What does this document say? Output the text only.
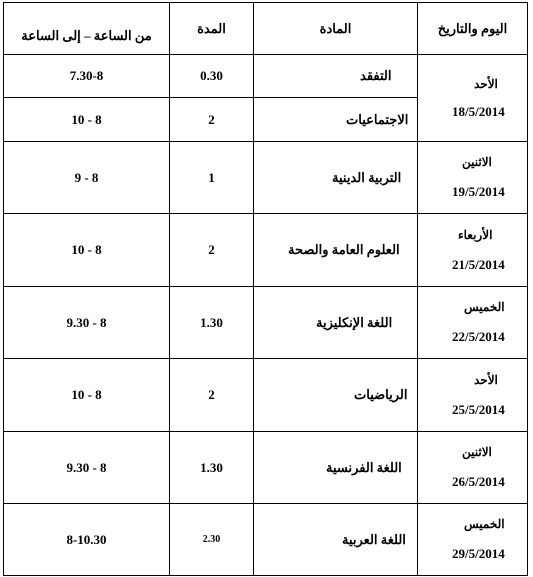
من الساعة – إلى الساعة	المدة	المادة	اليوم والتاريخ
7.30-8	0.30	التفقد	الأحد
18/5/2014

10 - 8	2	الاجتماعيات	
9 - 8	1	التربية الدينية	الاثنين
19/5/2014

10 - 8	2	العلوم العامة والصحة	الأربعاء
21/5/2014

9.30 - 8	1.30	اللغة الإنكليزية	الخميس
22/5/2014

10 - 8	2	الرياضيات	الأحد
25/5/2014

9.30 - 8	1.30	اللغة الفرنسية	الاثنين
26/5/2014

8-10.30	2.30	اللغة العربية	الخميس
29/5/2014
